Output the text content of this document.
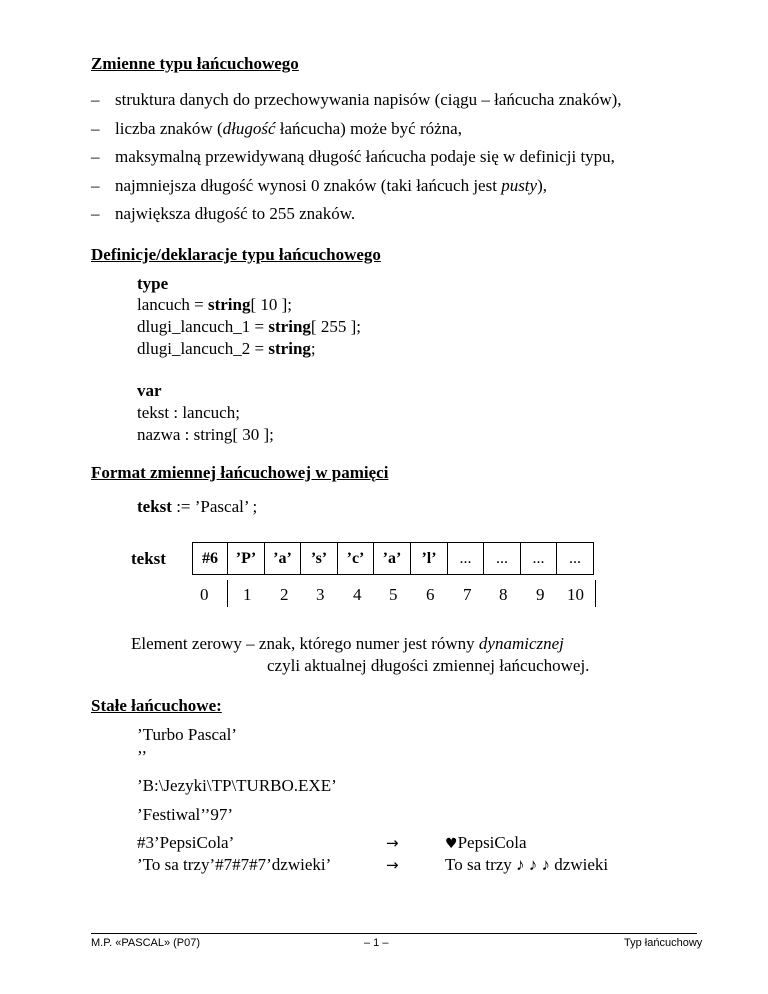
Zmienne typu łańcuchowego
– struktura danych do przechowywania napisów (ciągu – łańcucha znaków),
– liczba znaków (długość łańcucha) może być różna,
– maksymalną przewidywaną długość łańcucha podaje się w definicji typu,
– najmniejsza długość wynosi 0 znaków (taki łańcuch jest pusty),
– największa długość to 255 znaków.
Definicje/deklaracje typu łańcuchowego
type
lancuch = string[ 10 ];
dlugi_lancuch_1 = string[ 255 ];
dlugi_lancuch_2 = string;
var
tekst : lancuch;
nazwa : string[ 30 ];
Format zmiennej łańcuchowej w pamięci
tekst := ’Pascal’ ;
tekst	#6	’P’	’a’	’s’	’c’	’a’	’l’	...	...	...	...
0 1 2 3 4 5 6 7 8 9 10
Element zerowy – znak, którego numer jest równy dynamicznej
czyli aktualnej długości zmiennej łańcuchowej.
Stałe łańcuchowe:
’Turbo Pascal’
’’
’B:\Jezyki\TP\TURBO.EXE’
’Festiwal’’97’
#3’PepsiCola’	→	♥PepsiCola
’To sa trzy’#7#7#7’dzwieki’	→	To sa trzy ♪ ♪ ♪ dzwieki
M.P. «PASCAL» (P07)	– 1 –	Typ łańcuchowy
